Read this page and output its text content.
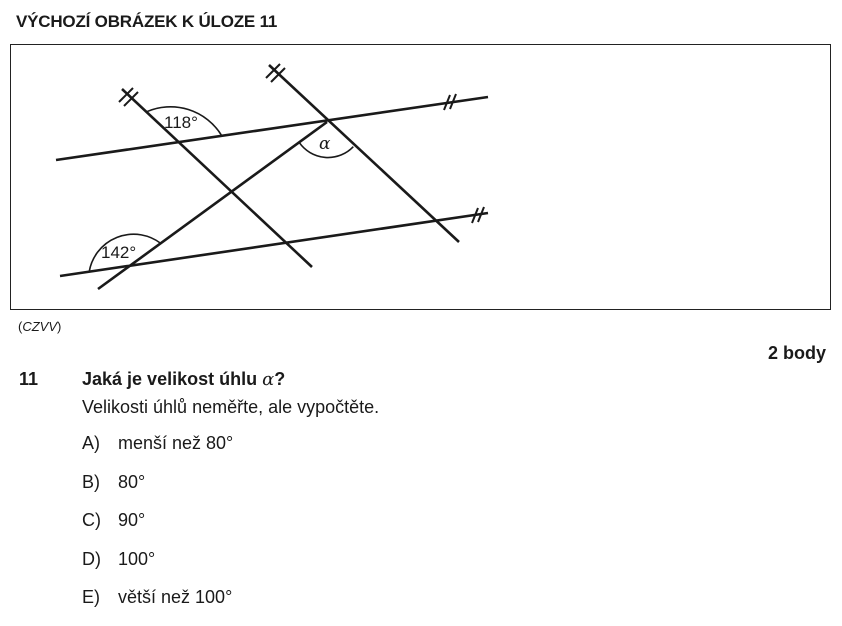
VÝCHOZÍ OBRÁZEK K ÚLOZE 11
118°
142°
α
(CZVV)
2 body
11 Jaká je velikost úhlu α?
Velikosti úhlů neměřte, ale vypočtěte.
A) menší než 80°
B) 80°
C) 90°
D) 100°
E) větší než 100°
